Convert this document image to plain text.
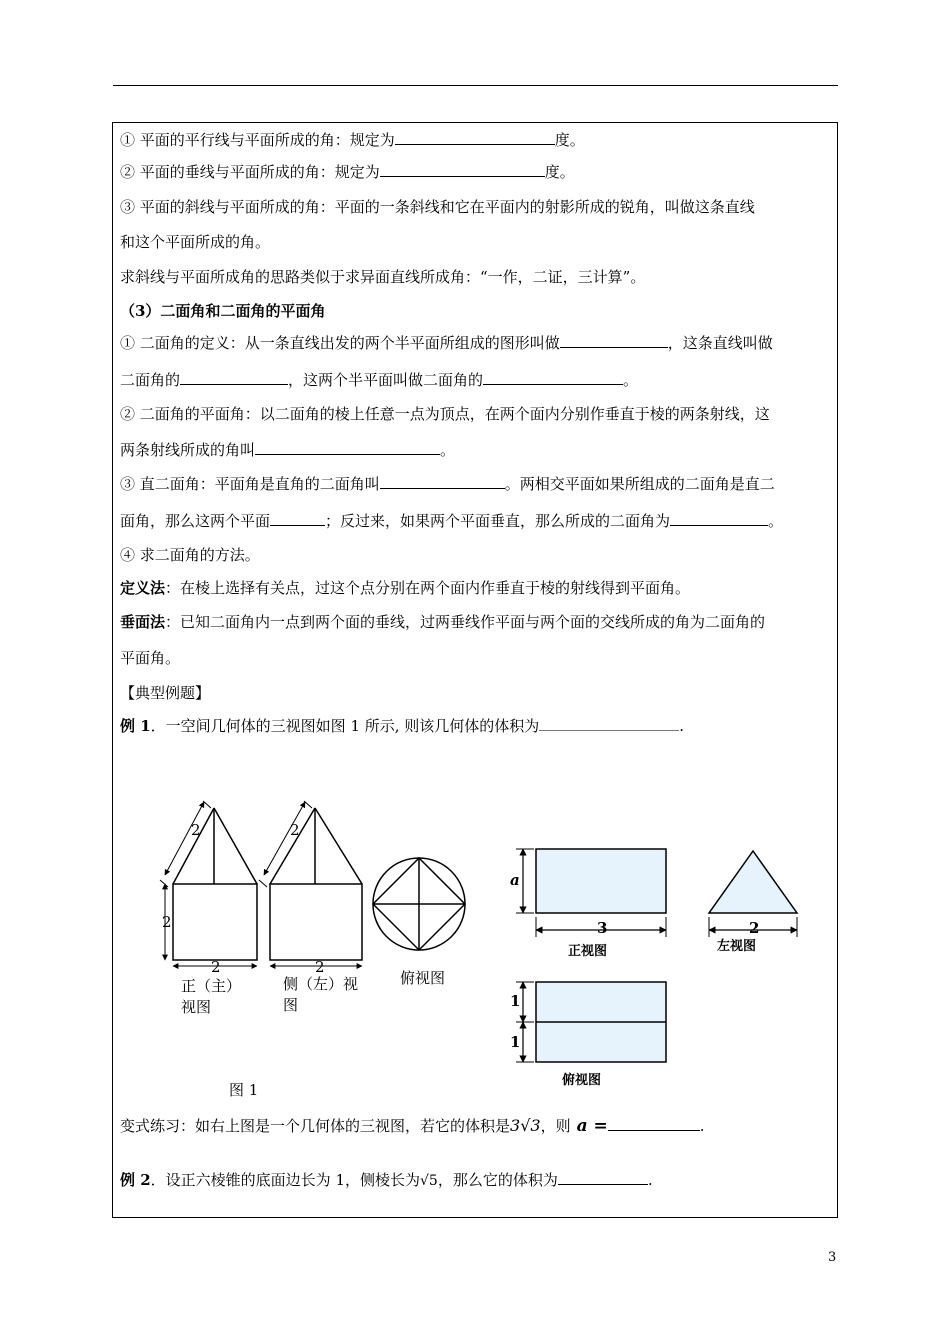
① 平面的平行线与平面所成的角：规定为	度。
② 平面的垂线与平面所成的角：规定为	度。
③ 平面的斜线与平面所成的角：平面的一条斜线和它在平面内的射影所成的锐角，叫做这条直线
和这个平面所成的角。
求斜线与平面所成角的思路类似于求异面直线所成角：“一作，二证，三计算”。
（3）二面角和二面角的平面角
① 二面角的定义：从一条直线出发的两个半平面所组成的图形叫做	，这条直线叫做
二面角的	，这两个半平面叫做二面角的	。
② 二面角的平面角：以二面角的棱上任意一点为顶点，在两个面内分别作垂直于棱的两条射线，这
两条射线所成的角叫	。
③ 直二面角：平面角是直角的二面角叫	。两相交平面如果所组成的二面角是直二
面角，那么这两个平面	；反过来，如果两个平面垂直，那么所成的二面角为	。
④ 求二面角的方法。
定义法：在棱上选择有关点，过这个点分别在两个面内作垂直于棱的射线得到平面角。
垂面法：已知二面角内一点到两个面的垂线，过两垂线作平面与两个面的交线所成的角为二面角的
平面角。
【典型例题】
例 1．一空间几何体的三视图如图 1 所示, 则该几何体的体积为	.
2
2
2
正（主）
视图
2
2
侧（左）视
图
俯视图
图 1
a
3
正视图
2
左视图
1
1
俯视图
变式练习：如右上图是一个几何体的三视图，若它的体积是3√3，则 a =	.
例 2．设正六棱锥的底面边长为 1，侧棱长为√5，那么它的体积为	.
3
